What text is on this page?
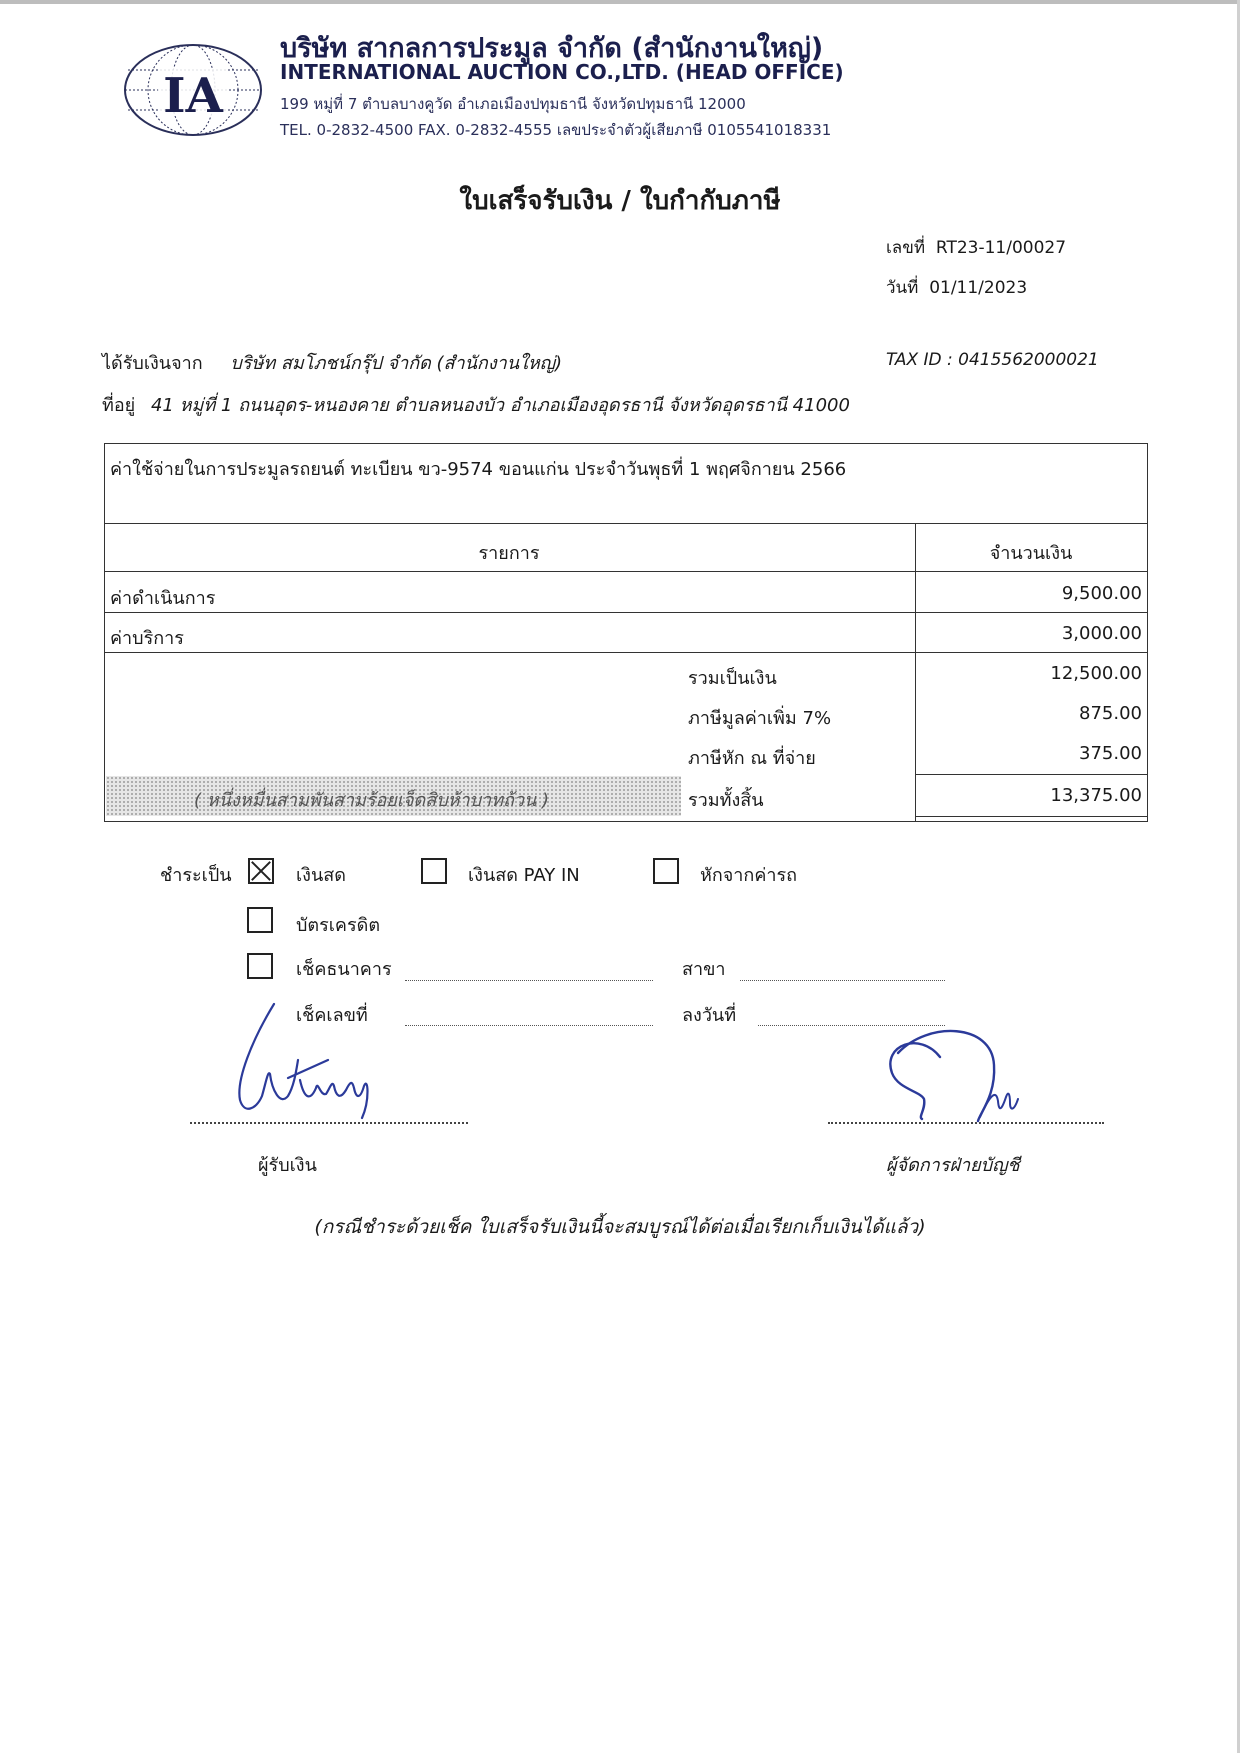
IA
บริษัท สากลการประมูล จำกัด (สำนักงานใหญ่)
INTERNATIONAL AUCTION CO.,LTD. (HEAD OFFICE)
199 หมู่ที่ 7 ตำบลบางคูวัด อำเภอเมืองปทุมธานี จังหวัดปทุมธานี 12000
TEL. 0-2832-4500 FAX. 0-2832-4555 เลขประจำตัวผู้เสียภาษี 0105541018331
ใบเสร็จรับเงิน / ใบกำกับภาษี
เลขที่ RT23-11/00027
วันที่ 01/11/2023
ได้รับเงินจาก บริษัท สมโภชน์กรุ๊ป จำกัด (สำนักงานใหญ่)	TAX ID : 0415562000021
ที่อยู่ 41 หมู่ที่ 1 ถนนอุดร-หนองคาย ตำบลหนองบัว อำเภอเมืองอุดรธานี จังหวัดอุดรธานี 41000
ค่าใช้จ่ายในการประมูลรถยนต์ ทะเบียน ขว-9574 ขอนแก่น ประจำวันพุธที่ 1 พฤศจิกายน 2566
รายการ	จำนวนเงิน
ค่าดำเนินการ	9,500.00
ค่าบริการ	3,000.00
รวมเป็นเงิน	12,500.00
ภาษีมูลค่าเพิ่ม 7%	875.00
ภาษีหัก ณ ที่จ่าย	375.00
( หนึ่งหมื่นสามพันสามร้อยเจ็ดสิบห้าบาทถ้วน )	รวมทั้งสิ้น	13,375.00
ชำระเป็น	เงินสด	เงินสด PAY IN	หักจากค่ารถ
บัตรเครดิต
เช็คธนาคาร	สาขา
เช็คเลขที่	ลงวันที่
ผู้รับเงิน	ผู้จัดการฝ่ายบัญชี
(กรณีชำระด้วยเช็ค ใบเสร็จรับเงินนี้จะสมบูรณ์ได้ต่อเมื่อเรียกเก็บเงินได้แล้ว)
